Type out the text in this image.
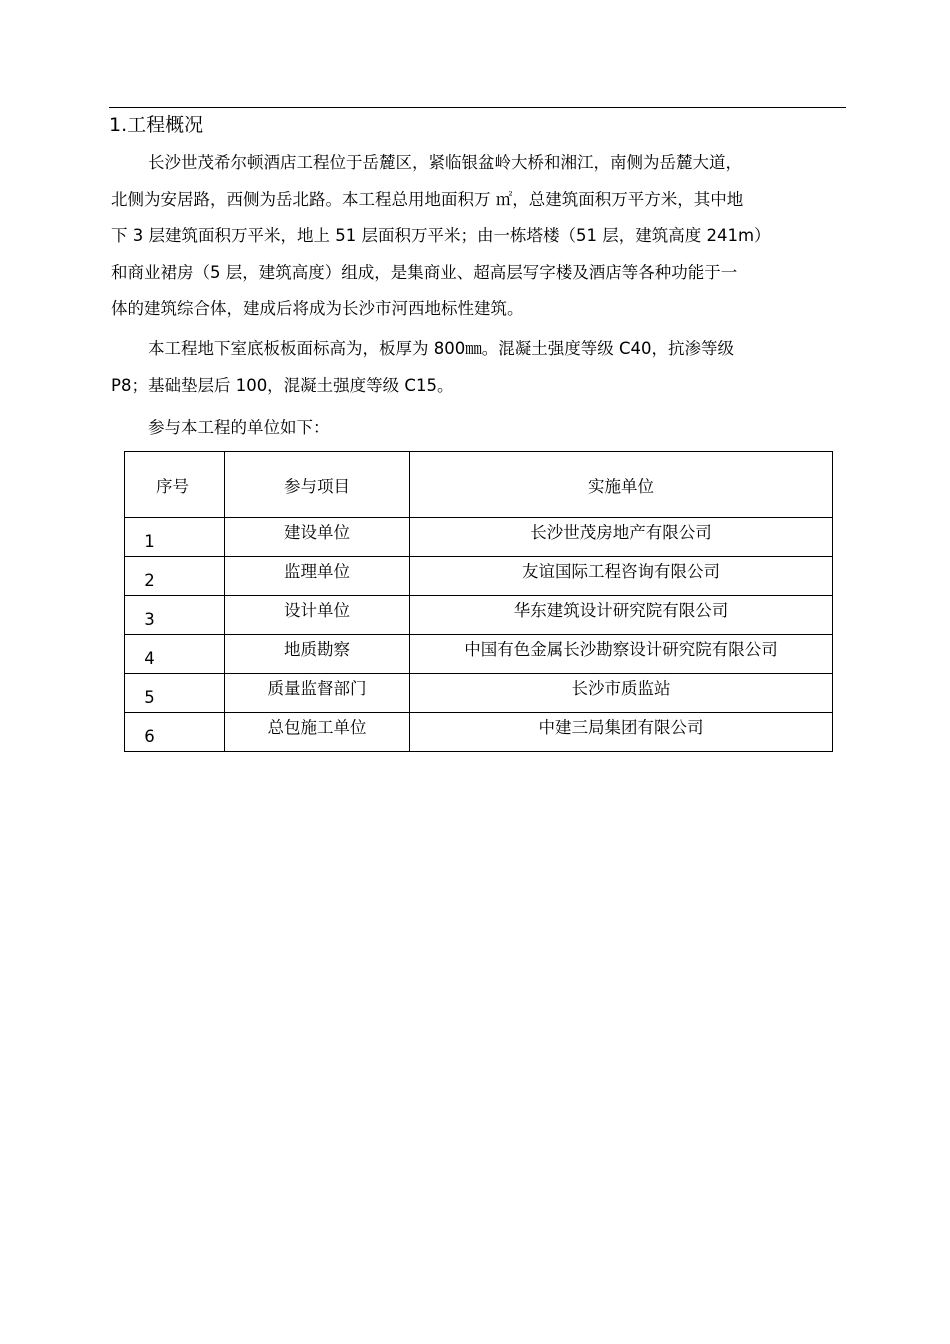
1.工程概况

长沙世茂希尔顿酒店工程位于岳麓区，紧临银盆岭大桥和湘江，南侧为岳麓大道，
北侧为安居路，西侧为岳北路。本工程总用地面积万 ㎡，总建筑面积万平方米，其中地
下 3 层建筑面积万平米，地上 51 层面积万平米；由一栋塔楼（51 层，建筑高度 241m）
和商业裙房（5 层，建筑高度）组成，是集商业、超高层写字楼及酒店等各种功能于一
体的建筑综合体，建成后将成为长沙市河西地标性建筑。

本工程地下室底板板面标高为，板厚为 800㎜。混凝土强度等级 C40，抗渗等级
P8；基础垫层后 100，混凝土强度等级 C15。

参与本工程的单位如下：
序号	参与项目	实施单位
1	建设单位	长沙世茂房地产有限公司
2	监理单位	友谊国际工程咨询有限公司
3	设计单位	华东建筑设计研究院有限公司
4	地质勘察	中国有色金属长沙勘察设计研究院有限公司
5	质量监督部门	长沙市质监站
6	总包施工单位	中建三局集团有限公司
